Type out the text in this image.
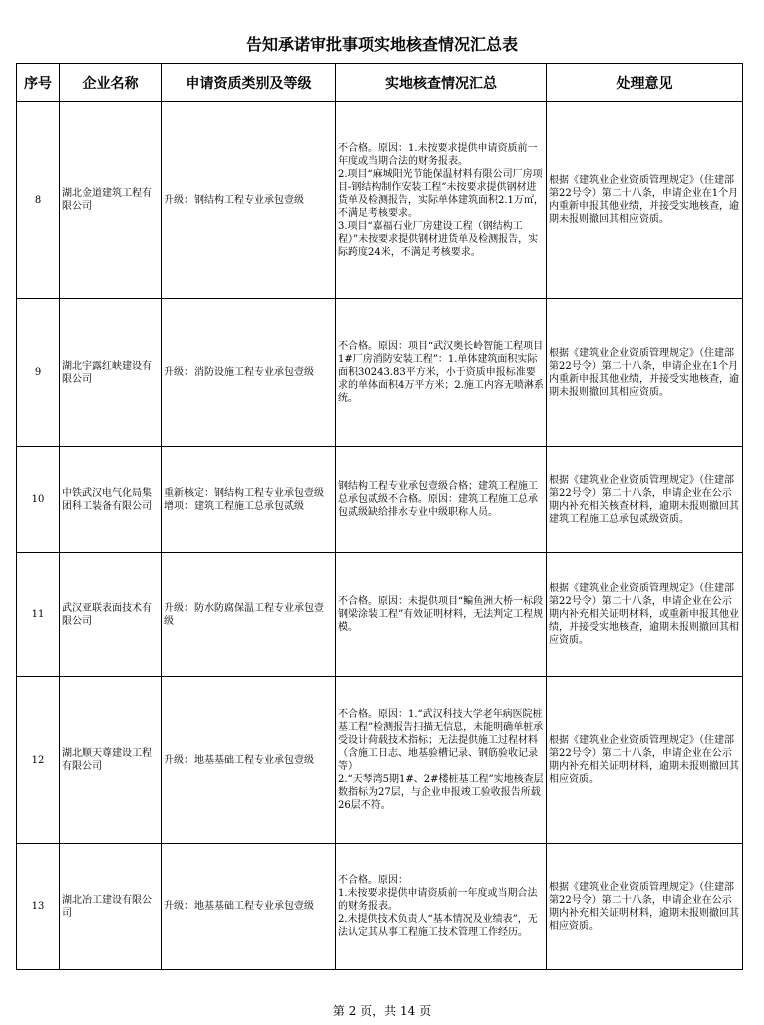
告知承诺审批事项实地核查情况汇总表
序号	企业名称	申请资质类别及等级	实地核查情况汇总	处理意见
8	湖北金道建筑工程有限公司	升级：钢结构工程专业承包壹级	不合格。原因：1.未按要求提供申请资质前一年度或当期合法的财务报表。
2.项目“麻城阳光节能保温材料有限公司厂房项目-钢结构制作安装工程”未按要求提供钢材进货单及检测报告，实际单体建筑面积2.1万㎡，不满足考核要求。
3.项目“嘉福石业厂房建设工程（钢结构工程）”未按要求提供钢材进货单及检测报告，实际跨度24米，不满足考核要求。	根据《建筑业企业资质管理规定》（住建部第22号令）第二十八条，申请企业在1个月内重新申报其他业绩，并接受实地核查，逾期未报则撤回其相应资质。
9	湖北宇露红峡建设有限公司	升级：消防设施工程专业承包壹级	不合格。原因：项目“武汉奥长岭智能工程项目1#厂房消防安装工程”：1.单体建筑面积实际面积30243.83平方米，小于资质申报标准要求的单体面积4万平方米；2.施工内容无喷淋系统。	根据《建筑业企业资质管理规定》（住建部第22号令）第二十八条，申请企业在1个月内重新申报其他业绩，并接受实地核查，逾期未报则撤回其相应资质。
10	中铁武汉电气化局集团科工装备有限公司	重新核定：钢结构工程专业承包壹级
增项：建筑工程施工总承包贰级	钢结构工程专业承包壹级合格；建筑工程施工总承包贰级不合格。原因：建筑工程施工总承包贰级缺给排水专业中级职称人员。	根据《建筑业企业资质管理规定》（住建部第22号令）第二十八条，申请企业在公示期内补充相关核查材料，逾期未报则撤回其建筑工程施工总承包贰级资质。
11	武汉亚联表面技术有限公司	升级：防水防腐保温工程专业承包壹级	不合格。原因：未提供项目“鳊鱼洲大桥一标段钢梁涂装工程”有效证明材料，无法判定工程规模。	根据《建筑业企业资质管理规定》（住建部第22号令）第二十八条，申请企业在公示期内补充相关证明材料，或重新申报其他业绩，并接受实地核查，逾期未报则撤回其相应资质。
12	湖北顺天尊建设工程有限公司	升级：地基基础工程专业承包壹级	不合格。原因：1.“武汉科技大学老年病医院桩基工程”检测报告扫描无信息，未能明确单桩承受设计荷载技术指标；无法提供施工过程材料（含施工日志、地基验槽记录、钢筋验收记录等）
2.“天琴湾5期1#、2#楼桩基工程”实地核查层数指标为27层，与企业申报竣工验收报告所载26层不符。	根据《建筑业企业资质管理规定》（住建部第22号令）第二十八条，申请企业在公示期内补充相关证明材料，逾期未报则撤回其相应资质。
13	湖北冶工建设有限公司	升级：地基基础工程专业承包壹级	不合格。原因：
1.未按要求提供申请资质前一年度或当期合法的财务报表。
2.未提供技术负责人“基本情况及业绩表”，无法认定其从事工程施工技术管理工作经历。	根据《建筑业企业资质管理规定》（住建部第22号令）第二十八条，申请企业在公示期内补充相关证明材料，逾期未报则撤回其相应资质。
第 2 页，共 14 页
